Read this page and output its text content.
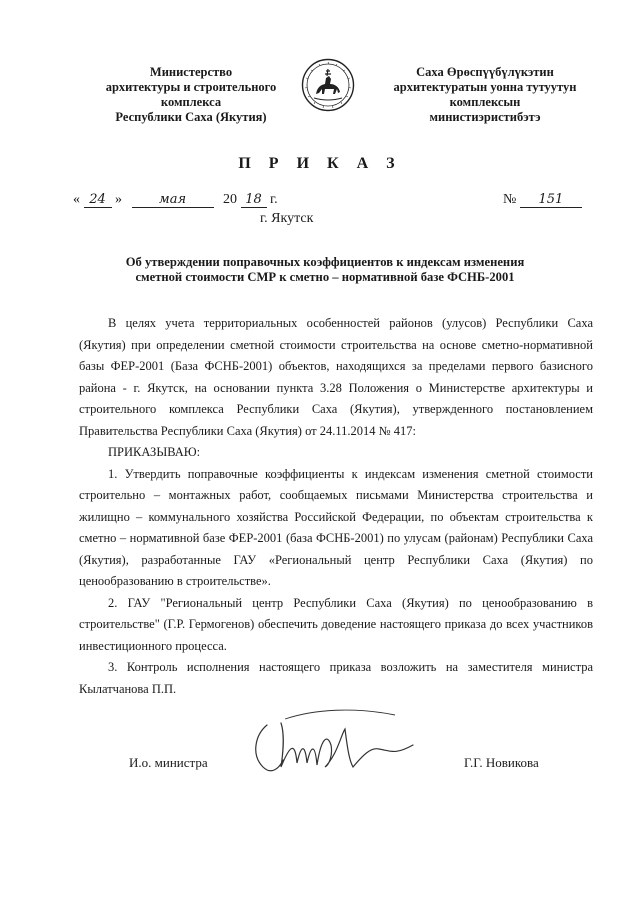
Министерство
архитектуры и строительного
комплекса
Республики Саха (Якутия)
Саха Өрөспүүбүлүкэтин
архитектуратын уонна тутуутун
комплексын
министиэристибэтэ
П Р И К А З
« 24 »	мая	20 18 г.	№ 151
г. Якутск
Об утверждении поправочных коэффициентов к индексам изменения сметной стоимости СМР к сметно – нормативной базе ФСНБ-2001

В целях учета территориальных особенностей районов (улусов) Республики Саха (Якутия) при определении сметной стоимости строительства на основе сметно-нормативной базы ФЕР-2001 (База ФСНБ-2001) объектов, находящихся за пределами первого базисного района - г. Якутск, на основании пункта 3.28 Положения о Министерстве архитектуры и строительного комплекса Республики Саха (Якутия), утвержденного постановлением Правительства Республики Саха (Якутия) от 24.11.2014 № 417:

ПРИКАЗЫВАЮ:

1. Утвердить поправочные коэффициенты к индексам изменения сметной стоимости строительно – монтажных работ, сообщаемых письмами Министерства строительства и жилищно – коммунального хозяйства Российской Федерации, по объектам строительства к сметно – нормативной базе ФЕР-2001 (база ФСНБ-2001) по улусам (районам) Республики Саха (Якутия), разработанные ГАУ «Региональный центр Республики Саха (Якутия) по ценообразованию в строительстве».

2. ГАУ "Региональный центр Республики Саха (Якутия) по ценообразованию в строительстве" (Г.Р. Гермогенов) обеспечить доведение настоящего приказа до всех участников инвестиционного процесса.

3. Контроль исполнения настоящего приказа возложить на заместителя министра Кылатчанова П.П.

И.о. министра	Г.Г. Новикова
